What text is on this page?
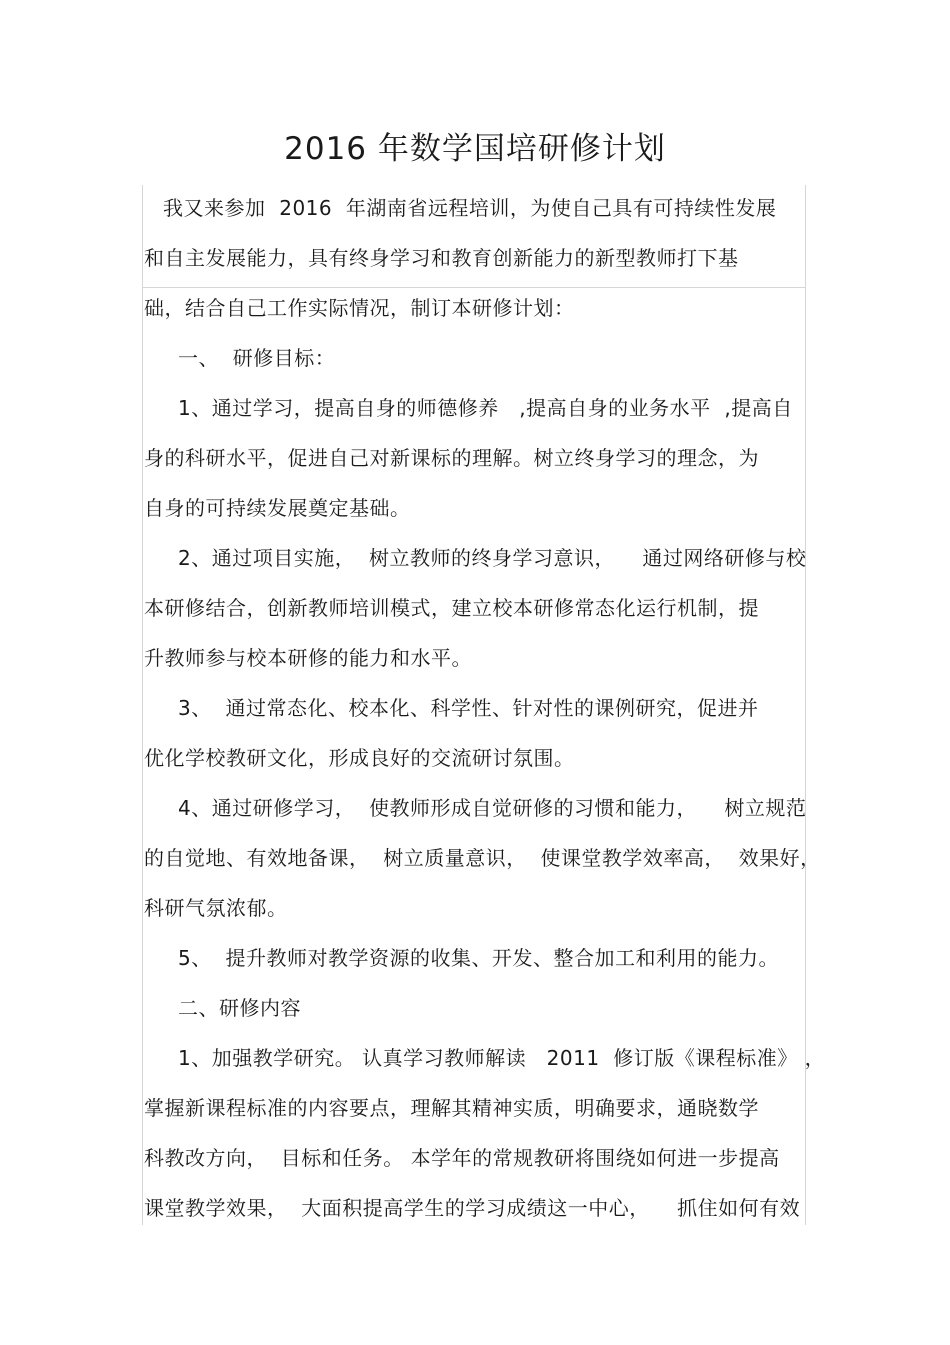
2016 年数学国培研修计划
我又来参加  2016  年湖南省远程培训，为使自己具有可持续性发展
和自主发展能力，具有终身学习和教育创新能力的新型教师打下基
础，结合自己工作实际情况，制订本研修计划：
一、  研修目标：
1、通过学习，提高自身的师德修养   ,提高自身的业务水平  ,提高自
身的科研水平，促进自己对新课标的理解。树立终身学习的理念，为
自身的可持续发展奠定基础。
2、通过项目实施，  树立教师的终身学习意识，    通过网络研修与校
本研修结合，创新教师培训模式，建立校本研修常态化运行机制，提
升教师参与校本研修的能力和水平。
3、  通过常态化、校本化、科学性、针对性的课例研究，促进并
优化学校教研文化，形成良好的交流研讨氛围。
4、通过研修学习，  使教师形成自觉研修的习惯和能力，    树立规范
的自觉地、有效地备课，  树立质量意识，  使课堂教学效率高，  效果好，
科研气氛浓郁。
5、  提升教师对教学资源的收集、开发、整合加工和利用的能力。
二、研修内容
1、加强教学研究。 认真学习教师解读   2011  修订版《课程标准》 ，
掌握新课程标准的内容要点，理解其精神实质，明确要求，通晓数学
科教改方向，  目标和任务。 本学年的常规教研将围绕如何进一步提高
课堂教学效果，  大面积提高学生的学习成绩这一中心，    抓住如何有效
